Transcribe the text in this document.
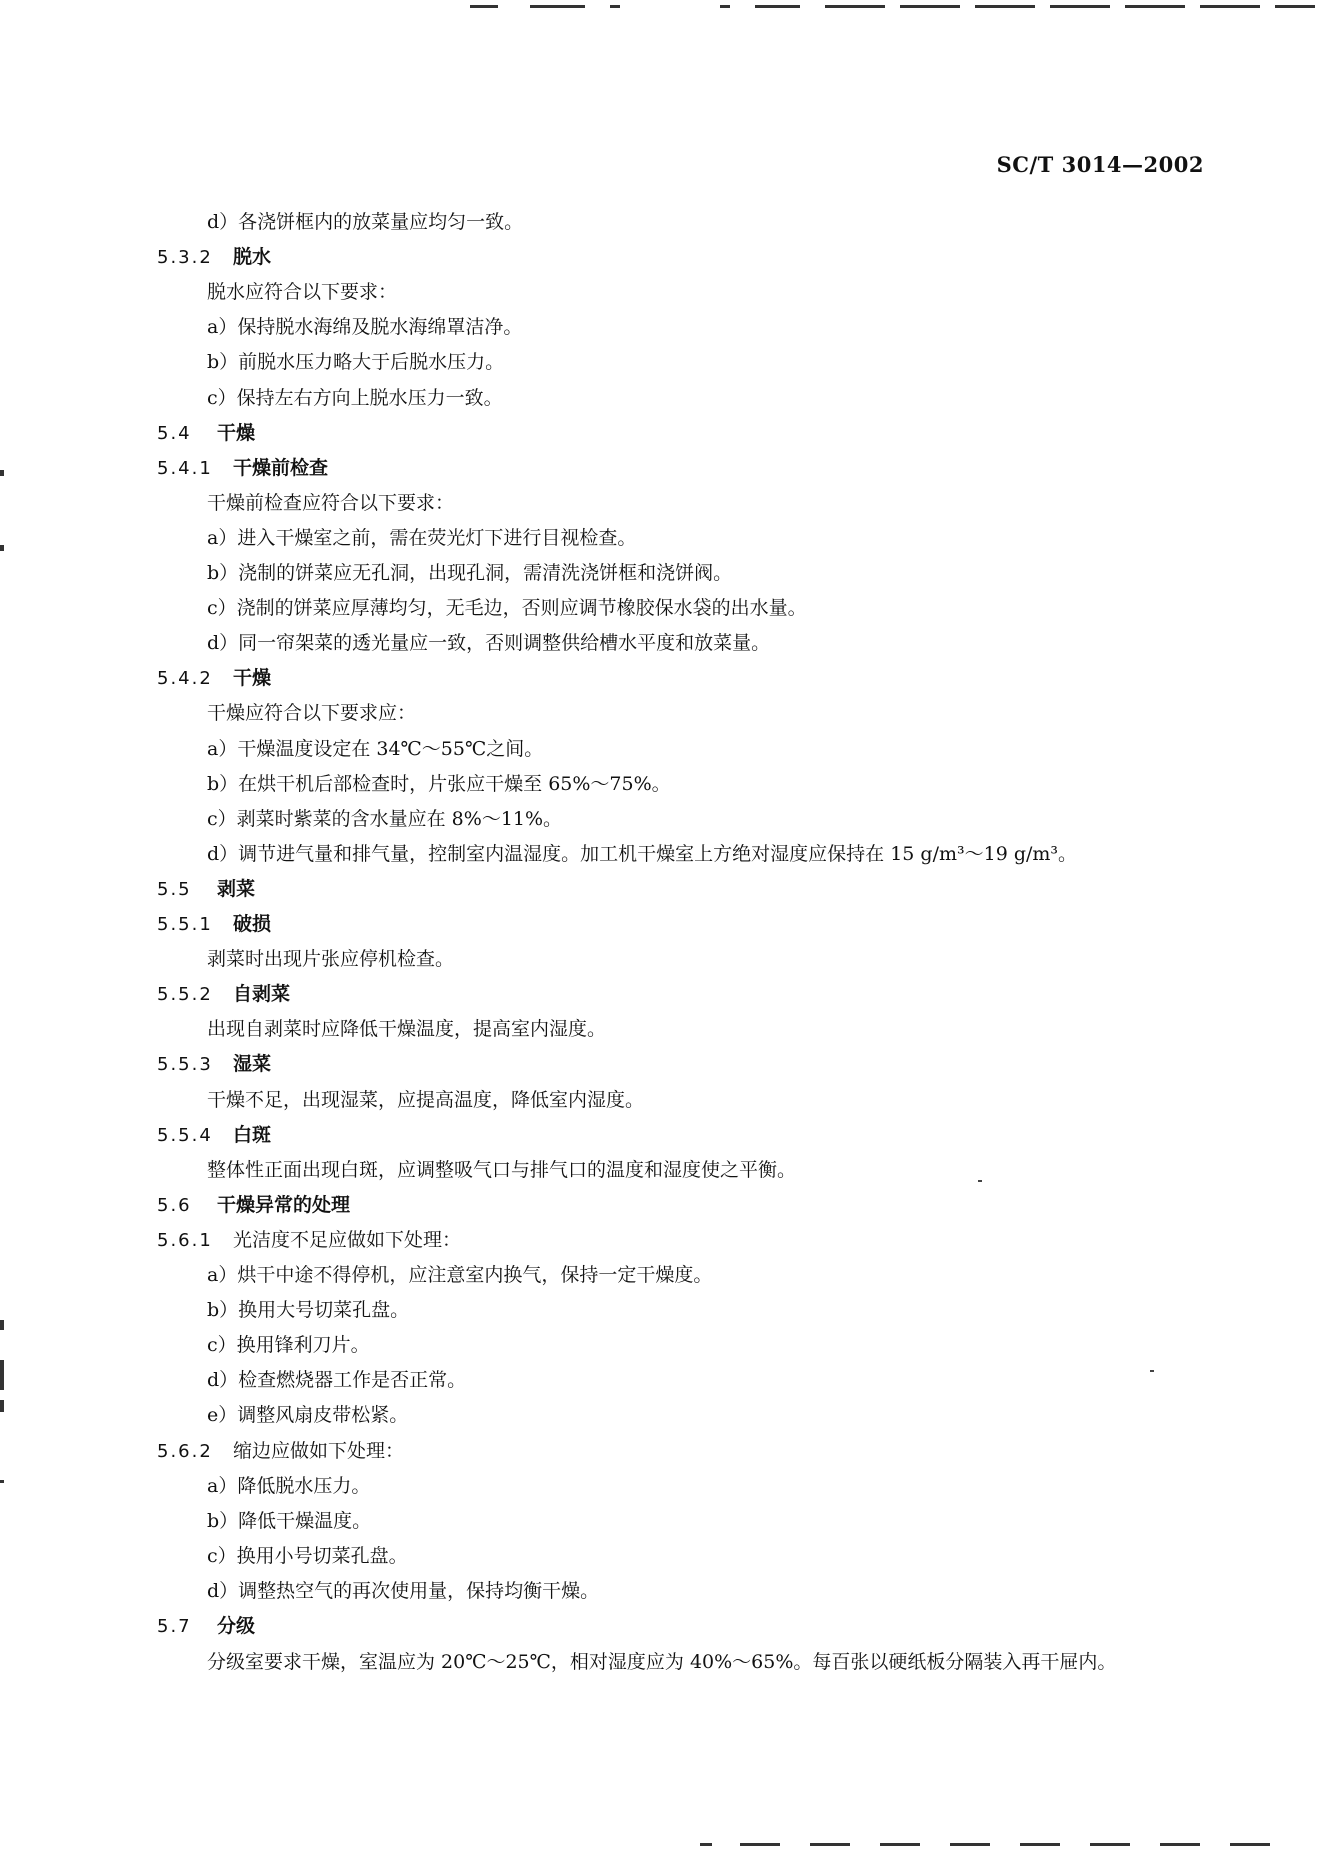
SC/T 3014—2002
d）各浇饼框内的放菜量应均匀一致。
5.3.2 脱水
脱水应符合以下要求：
a）保持脱水海绵及脱水海绵罩洁净。
b）前脱水压力略大于后脱水压力。
c）保持左右方向上脱水压力一致。
5.4 干燥
5.4.1 干燥前检查
干燥前检查应符合以下要求：
a）进入干燥室之前，需在荧光灯下进行目视检查。
b）浇制的饼菜应无孔洞，出现孔洞，需清洗浇饼框和浇饼阀。
c）浇制的饼菜应厚薄均匀，无毛边，否则应调节橡胶保水袋的出水量。
d）同一帘架菜的透光量应一致，否则调整供给槽水平度和放菜量。
5.4.2 干燥
干燥应符合以下要求应：
a）干燥温度设定在 34℃～55℃之间。
b）在烘干机后部检查时，片张应干燥至 65%～75%。
c）剥菜时紫菜的含水量应在 8%～11%。
d）调节进气量和排气量，控制室内温湿度。加工机干燥室上方绝对湿度应保持在 15 g/m³～19 g/m³。
5.5 剥菜
5.5.1 破损
剥菜时出现片张应停机检查。
5.5.2 自剥菜
出现自剥菜时应降低干燥温度，提高室内湿度。
5.5.3 湿菜
干燥不足，出现湿菜，应提高温度，降低室内湿度。
5.5.4 白斑
整体性正面出现白斑，应调整吸气口与排气口的温度和湿度使之平衡。
5.6 干燥异常的处理
5.6.1 光洁度不足应做如下处理：
a）烘干中途不得停机，应注意室内换气，保持一定干燥度。
b）换用大号切菜孔盘。
c）换用锋利刀片。
d）检查燃烧器工作是否正常。
e）调整风扇皮带松紧。
5.6.2 缩边应做如下处理：
a）降低脱水压力。
b）降低干燥温度。
c）换用小号切菜孔盘。
d）调整热空气的再次使用量，保持均衡干燥。
5.7 分级
分级室要求干燥，室温应为 20℃～25℃，相对湿度应为 40%～65%。每百张以硬纸板分隔装入再干屉内。
